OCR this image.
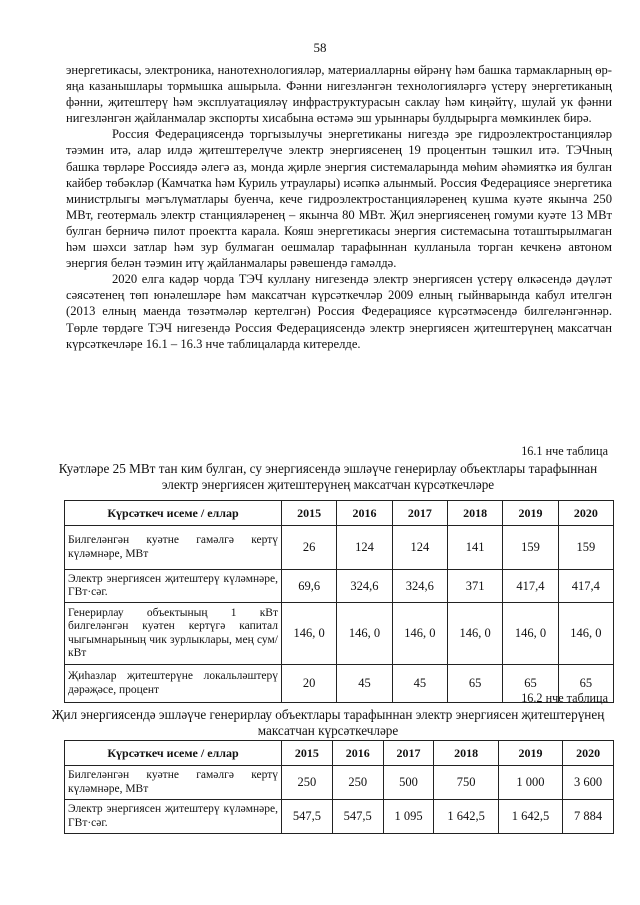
58

энергетикасы, электроника, нанотехнологияләр, материалларны өйрәнү һәм башка тармакларның өр-яңа казанышлары тормышка ашырыла. Фәнни нигезләнгән технологияләргә үстерү энергетиканың фәнни, җитештерү һәм эксплуатацияләү инфраструктурасын саклау һәм киңәйтү, шулай ук фәнни нигезләнгән җайланмалар экспорты хисабына өстәмә эш урыннары булдырырга мөмкинлек бирә.

Россия Федерациясендә торгызылучы энергетиканы нигездә эре гидроэлектростанцияләр тәэмин итә, алар илдә җитештерелүче электр энергиясенең 19 процентын тәшкил итә. ТЭЧның башка төрләре Россиядә әлегә аз, монда җирле энергия системаларында мөһим әһәмияткә ия булган кайбер төбәкләр (Камчатка һәм Куриль утраулары) исәпкә алынмый. Россия Федерациясе энергетика министрлыгы мәгълүматлары буенча, кече гидроэлектростанцияләренең кушма куәте якынча 250 МВт, геотермаль электр станцияләренең – якынча 80 МВт. Җил энергиясенең гомуми куәте 13 МВт булган берничә пилот проектта карала. Кояш энергетикасы энергия системасына тоташтырылмаган һәм шәхси затлар һәм зур булмаган оешмалар тарафыннан кулланыла торган кечкенә автоном энергия белән тәэмин итү җайланмалары рәвешендә гамәлдә.

2020 елга кадәр чорда ТЭЧ куллану нигезендә электр энергиясен үстерү өлкәсендә дәүләт сәясәтенең төп юнәлешләре һәм максатчан күрсәткечләр 2009 елның гыйнварында кабул ителгән (2013 елның маенда төзәтмәләр кертелгән) Россия Федерациясе күрсәтмәсендә билгеләнгәннәр. Төрле төрдәге ТЭЧ нигезендә Россия Федерациясендә электр энергиясен җитештерүнең максатчан күрсәткечләре 16.1 – 16.3 нче таблицаларда китерелде.

16.1 нче таблица
Куәтләре 25 МВт тан ким булган, су энергиясендә эшләүче генерирлау объектлары тарафыннан электр энергиясен җитештерүнең максатчан күрсәткечләре
Күрсәткеч исеме / еллар	2015	2016	2017	2018	2019	2020
Билгеләнгән куәтне гамәлгә кертү күләмнәре, МВт	26	124	124	141	159	159
Электр энергиясен җитештерү күләмнәре, ГВт·сәг.	69,6	324,6	324,6	371	417,4	417,4
Генерирлау объектының 1 кВт билгеләнгән куәтен кертүгә капитал чыгымнарының чик зурлыклары, мең сум/кВт	146, 0	146, 0	146, 0	146, 0	146, 0	146, 0
Җиһазлар җитештерүне локальләштерү дәрәҗәсе, процент	20	45	45	65	65	65
16.2 нче таблица
Җил энергиясендә эшләүче генерирлау объектлары тарафыннан электр энергиясен җитештерүнең максатчан күрсәткечләре
Күрсәткеч исеме / еллар	2015	2016	2017	2018	2019	2020
Билгеләнгән куәтне гамәлгә кертү күләмнәре, МВт	250	250	500	750	1 000	3 600
Электр энергиясен җитештерү күләмнәре, ГВт·сәг.	547,5	547,5	1 095	1 642,5	1 642,5	7 884
